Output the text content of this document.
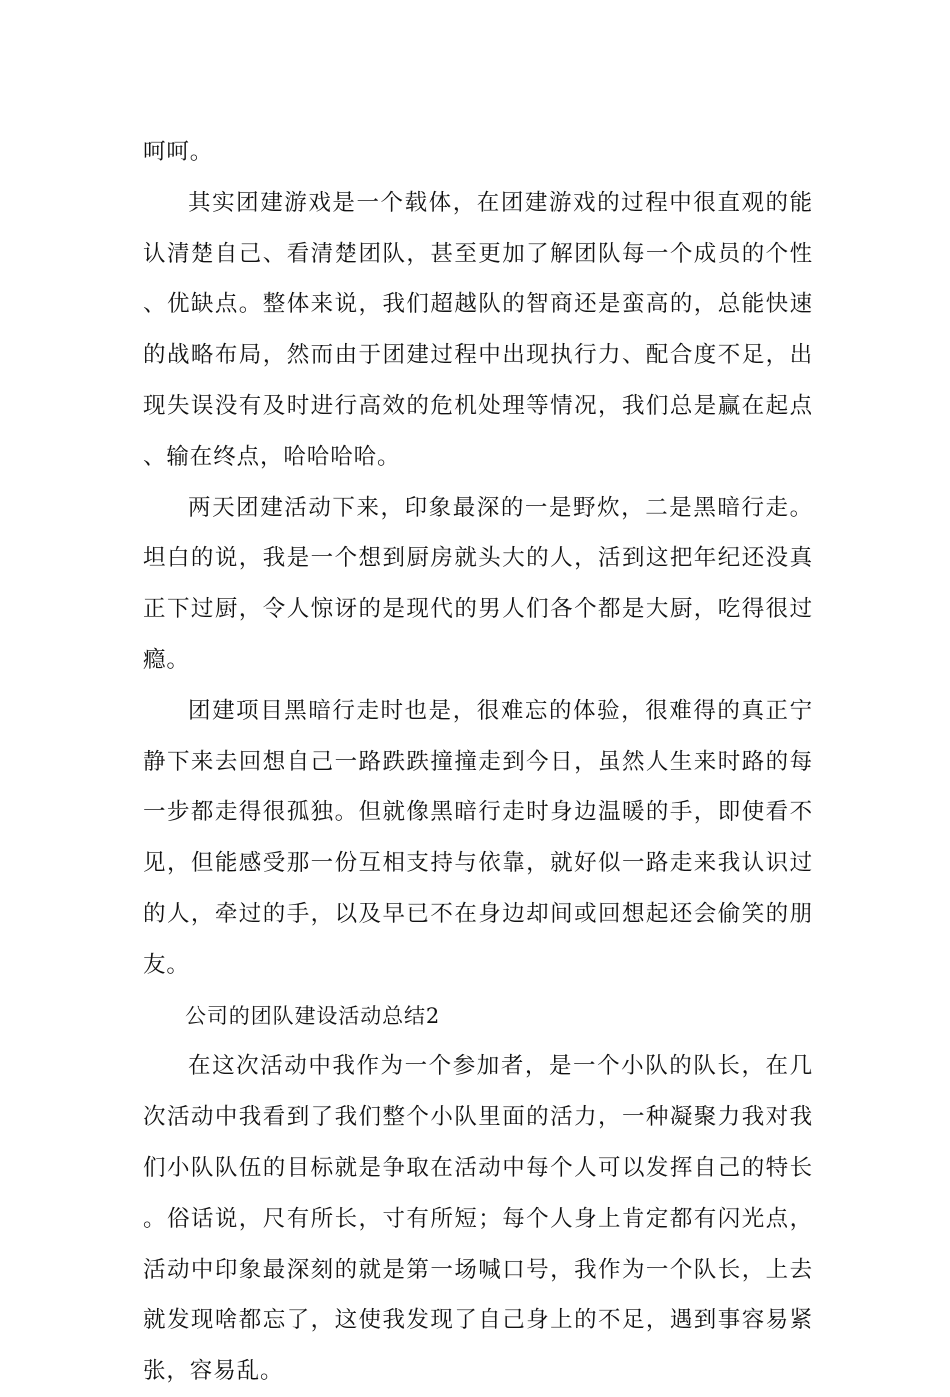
呵呵。

其实团建游戏是一个载体，在团建游戏的过程中很直观的能认清楚自己、看清楚团队，甚至更加了解团队每一个成员的个性、优缺点。整体来说，我们超越队的智商还是蛮高的，总能快速的战略布局，然而由于团建过程中出现执行力、配合度不足，出现失误没有及时进行高效的危机处理等情况，我们总是赢在起点、输在终点，哈哈哈哈。

两天团建活动下来，印象最深的一是野炊，二是黑暗行走。坦白的说，我是一个想到厨房就头大的人，活到这把年纪还没真正下过厨，令人惊讶的是现代的男人们各个都是大厨，吃得很过瘾。

团建项目黑暗行走时也是，很难忘的体验，很难得的真正宁静下来去回想自己一路跌跌撞撞走到今日，虽然人生来时路的每一步都走得很孤独。但就像黑暗行走时身边温暖的手，即使看不见，但能感受那一份互相支持与依靠，就好似一路走来我认识过的人，牵过的手，以及早已不在身边却间或回想起还会偷笑的朋友。

公司的团队建设活动总结2

在这次活动中我作为一个参加者，是一个小队的队长，在几次活动中我看到了我们整个小队里面的活力，一种凝聚力我对我们小队队伍的目标就是争取在活动中每个人可以发挥自己的特长。俗话说，尺有所长，寸有所短；每个人身上肯定都有闪光点，活动中印象最深刻的就是第一场喊口号，我作为一个队长，上去就发现啥都忘了，这使我发现了自己身上的不足，遇到事容易紧张，容易乱。
